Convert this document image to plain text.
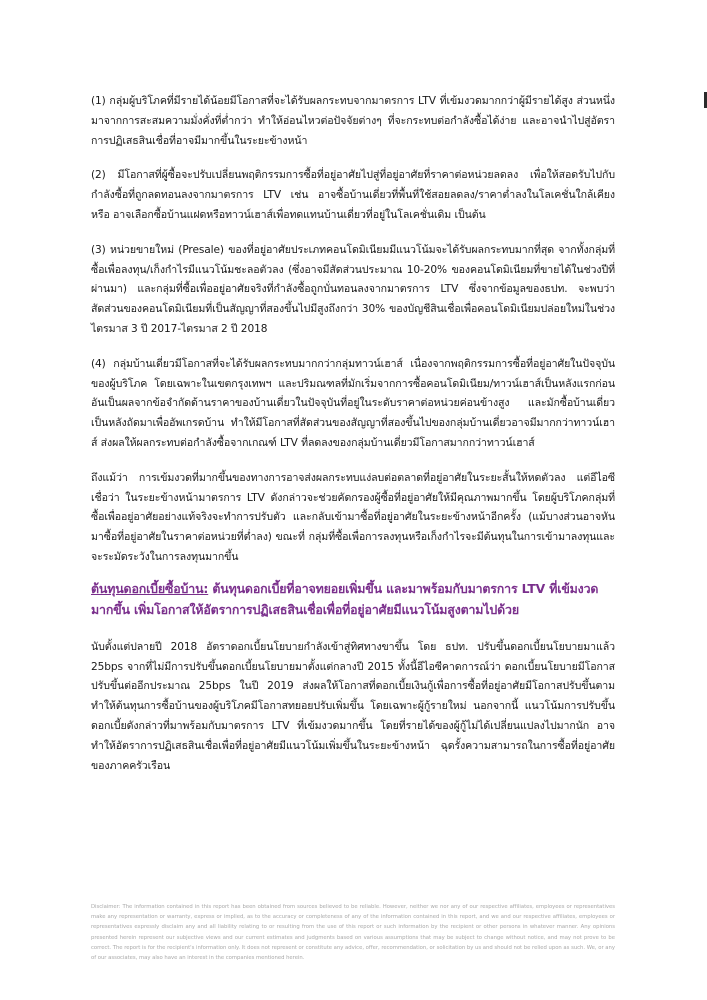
(1) กลุ่มผู้บริโภคที่มีรายได้น้อยมีโอกาสที่จะได้รับผลกระทบจากมาตรการ LTV ที่เข้มงวดมากกว่าผู้มีรายได้สูง ส่วนหนึ่งมาจากการสะสมความมั่งคั่งที่ต่ำกว่า ทำให้อ่อนไหวต่อปัจจัยต่างๆ ที่จะกระทบต่อกำลังซื้อได้ง่าย และอาจนำไปสู่อัตราการปฏิเสธสินเชื่อที่อาจมีมากขึ้นในระยะข้างหน้า

(2) มีโอกาสที่ผู้ซื้อจะปรับเปลี่ยนพฤติกรรมการซื้อที่อยู่อาศัยไปสู่ที่อยู่อาศัยที่ราคาต่อหน่วยลดลง เพื่อให้สอดรับไปกับกำลังซื้อที่ถูกลดทอนลงจากมาตรการ LTV เช่น อาจซื้อบ้านเดี่ยวที่พื้นที่ใช้สอยลดลง/ราคาต่ำลงในโลเคชั่นใกล้เคียง หรือ อาจเลือกซื้อบ้านแฝดหรือทาวน์เฮาส์เพื่อทดแทนบ้านเดี่ยวที่อยู่ในโลเคชั่นเดิม เป็นต้น

(3) หน่วยขายใหม่ (Presale) ของที่อยู่อาศัยประเภทคอนโดมิเนียมมีแนวโน้มจะได้รับผลกระทบมากที่สุด จากทั้งกลุ่มที่ซื้อเพื่อลงทุน/เก็งกำไรมีแนวโน้มชะลอตัวลง (ซึ่งอาจมีสัดส่วนประมาณ 10-20% ของคอนโดมิเนียมที่ขายได้ในช่วงปีที่ผ่านมา) และกลุ่มที่ซื้อเพื่ออยู่อาศัยจริงที่กำลังซื้อถูกบั่นทอนลงจากมาตรการ LTV ซึ่งจากข้อมูลของธปท. จะพบว่าสัดส่วนของคอนโดมิเนียมที่เป็นสัญญาที่สองขึ้นไปมีสูงถึงกว่า 30% ของบัญชีสินเชื่อเพื่อคอนโดมิเนียมปล่อยใหม่ในช่วงไตรมาส 3 ปี 2017-ไตรมาส 2 ปี 2018

(4) กลุ่มบ้านเดี่ยวมีโอกาสที่จะได้รับผลกระทบมากกว่ากลุ่มทาวน์เฮาส์ เนื่องจากพฤติกรรมการซื้อที่อยู่อาศัยในปัจจุบันของผู้บริโภค โดยเฉพาะในเขตกรุงเทพฯ และปริมณฑลที่มักเริ่มจากการซื้อคอนโดมิเนียม/ทาวน์เฮาส์เป็นหลังแรกก่อน อันเป็นผลจากข้อจำกัดด้านราคาของบ้านเดี่ยวในปัจจุบันที่อยู่ในระดับราคาต่อหน่วยค่อนข้างสูง และมักซื้อบ้านเดี่ยวเป็นหลังถัดมาเพื่ออัพเกรดบ้าน ทำให้มีโอกาสที่สัดส่วนของสัญญาที่สองขึ้นไปของกลุ่มบ้านเดี่ยวอาจมีมากกว่าทาวน์เฮาส์ ส่งผลให้ผลกระทบต่อกำลังซื้อจากเกณฑ์ LTV ที่ลดลงของกลุ่มบ้านเดี่ยวมีโอกาสมากกว่าทาวน์เฮาส์

ถึงแม้ว่า การเข้มงวดที่มากขึ้นของทางการอาจส่งผลกระทบแง่ลบต่อตลาดที่อยู่อาศัยในระยะสั้นให้หดตัวลง แต่อีไอซีเชื่อว่า ในระยะข้างหน้ามาตรการ LTV ดังกล่าวจะช่วยคัดกรองผู้ซื้อที่อยู่อาศัยให้มีคุณภาพมากขึ้น โดยผู้บริโภคกลุ่มที่ซื้อเพื่ออยู่อาศัยอย่างแท้จริงจะทำการปรับตัว และกลับเข้ามาซื้อที่อยู่อาศัยในระยะข้างหน้าอีกครั้ง (แม้บางส่วนอาจหันมาซื้อที่อยู่อาศัยในราคาต่อหน่วยที่ต่ำลง) ขณะที่ กลุ่มที่ซื้อเพื่อการลงทุนหรือเก็งกำไรจะมีต้นทุนในการเข้ามาลงทุนและจะระมัดระวังในการลงทุนมากขึ้น

ต้นทุนดอกเบี้ยซื้อบ้าน: ต้นทุนดอกเบี้ยที่อาจทยอยเพิ่มขึ้น และมาพร้อมกับมาตรการ LTV ที่เข้มงวดมากขึ้น เพิ่มโอกาสให้อัตราการปฏิเสธสินเชื่อเพื่อที่อยู่อาศัยมีแนวโน้มสูงตามไปด้วย

นับตั้งแต่ปลายปี 2018 อัตราดอกเบี้ยนโยบายกำลังเข้าสู่ทิศทางขาขึ้น โดย ธปท. ปรับขึ้นดอกเบี้ยนโยบายมาแล้ว 25bps จากที่ไม่มีการปรับขึ้นดอกเบี้ยนโยบายมาตั้งแต่กลางปี 2015 ทั้งนี้อีไอซีคาดการณ์ว่า ดอกเบี้ยนโยบายมีโอกาสปรับขึ้นต่ออีกประมาณ 25bps ในปี 2019 ส่งผลให้โอกาสที่ดอกเบี้ยเงินกู้เพื่อการซื้อที่อยู่อาศัยมีโอกาสปรับขึ้นตาม ทำให้ต้นทุนการซื้อบ้านของผู้บริโภคมีโอกาสทยอยปรับเพิ่มขึ้น โดยเฉพาะผู้กู้รายใหม่ นอกจากนี้ แนวโน้มการปรับขึ้นดอกเบี้ยดังกล่าวที่มาพร้อมกับมาตรการ LTV ที่เข้มงวดมากขึ้น โดยที่รายได้ของผู้กู้ไม่ได้เปลี่ยนแปลงไปมากนัก อาจทำให้อัตราการปฏิเสธสินเชื่อเพื่อที่อยู่อาศัยมีแนวโน้มเพิ่มขึ้นในระยะข้างหน้า ฉุดรั้งความสามารถในการซื้อที่อยู่อาศัยของภาคครัวเรือน

Disclaimer: The information contained in this report has been obtained from sources believed to be reliable. However, neither we nor any of our respective affiliates, employees or representatives make any representation or warranty, express or implied, as to the accuracy or completeness of any of the information contained in this report, and we and our respective affiliates, employees or representatives expressly disclaim any and all liability relating to or resulting from the use of this report or such information by the recipient or other persons in whatever manner. Any opinions presented herein represent our subjective views and our current estimates and judgments based on various assumptions that may be subject to change without notice, and may not prove to be correct. The report is for the recipient's information only. It does not represent or constitute any advice, offer, recommendation, or solicitation by us and should not be relied upon as such. We, or any of our associates, may also have an interest in the companies mentioned herein.
